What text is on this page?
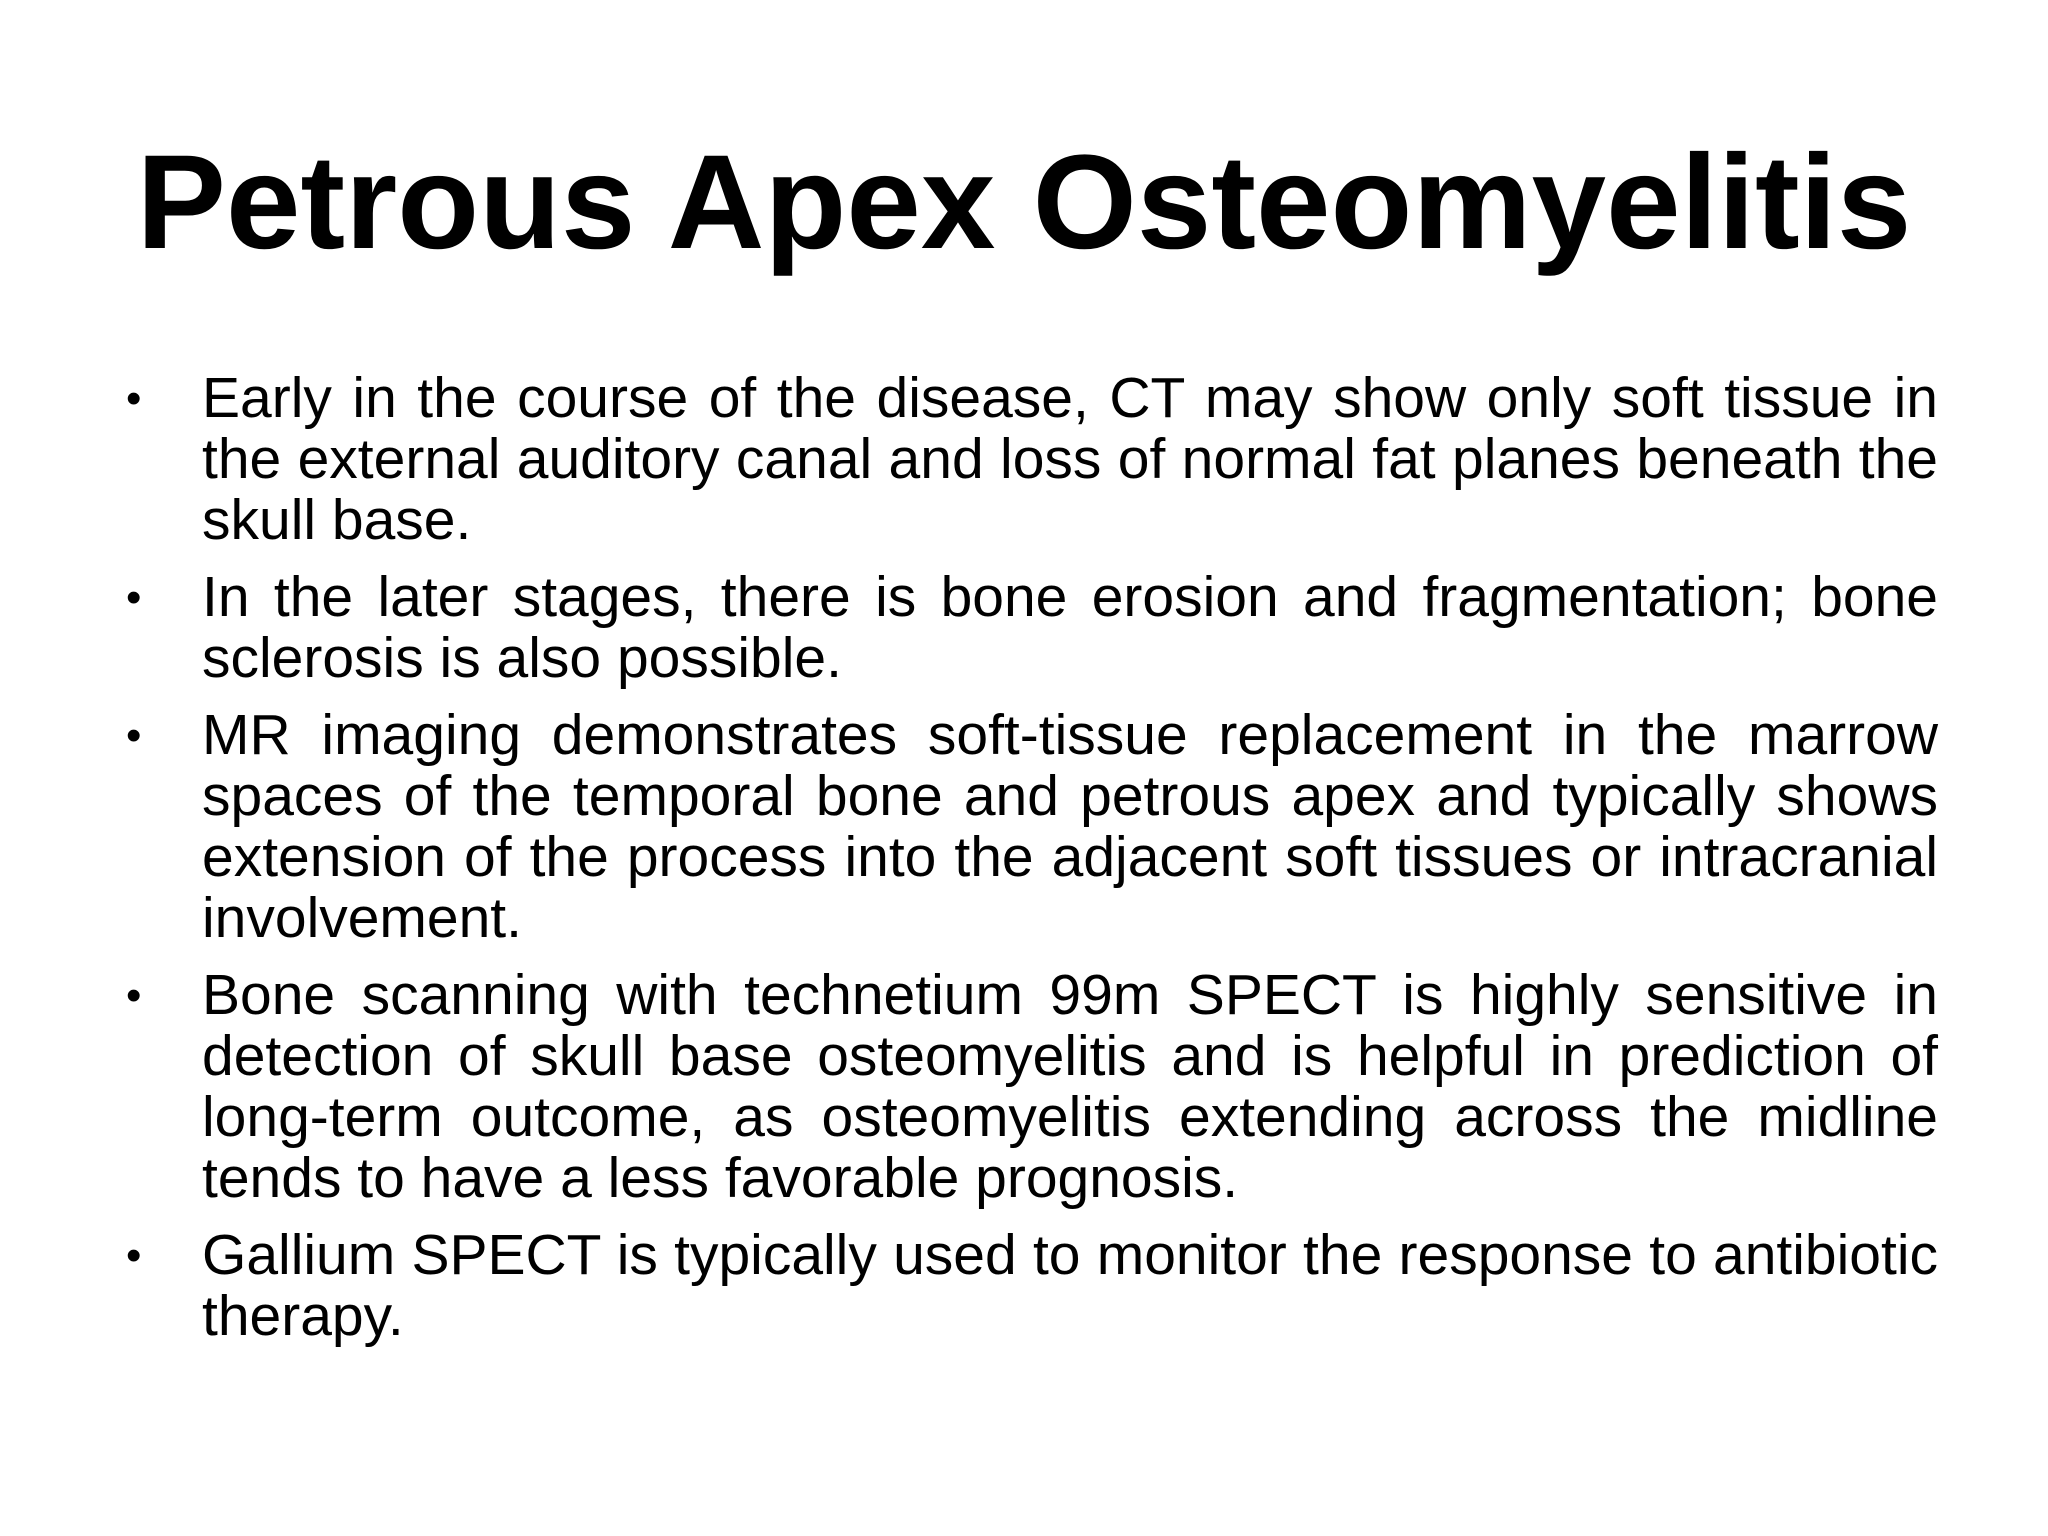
Petrous Apex Osteomyelitis
• Early in the course of the disease, CT may show only soft tissue in the external auditory canal and loss of normal fat planes beneath the skull base.
• In the later stages, there is bone erosion and fragmentation; bone sclerosis is also possible.
• MR imaging demonstrates soft-tissue replacement in the marrow spaces of the temporal bone and petrous apex and typically shows extension of the process into the adjacent soft tissues or intracranial involvement.
• Bone scanning with technetium 99m SPECT is highly sensitive in detection of skull base osteomyelitis and is helpful in prediction of long-term outcome, as osteomyelitis extending across the midline tends to have a less favorable prognosis.
• Gallium SPECT is typically used to monitor the response to antibiotic therapy.
